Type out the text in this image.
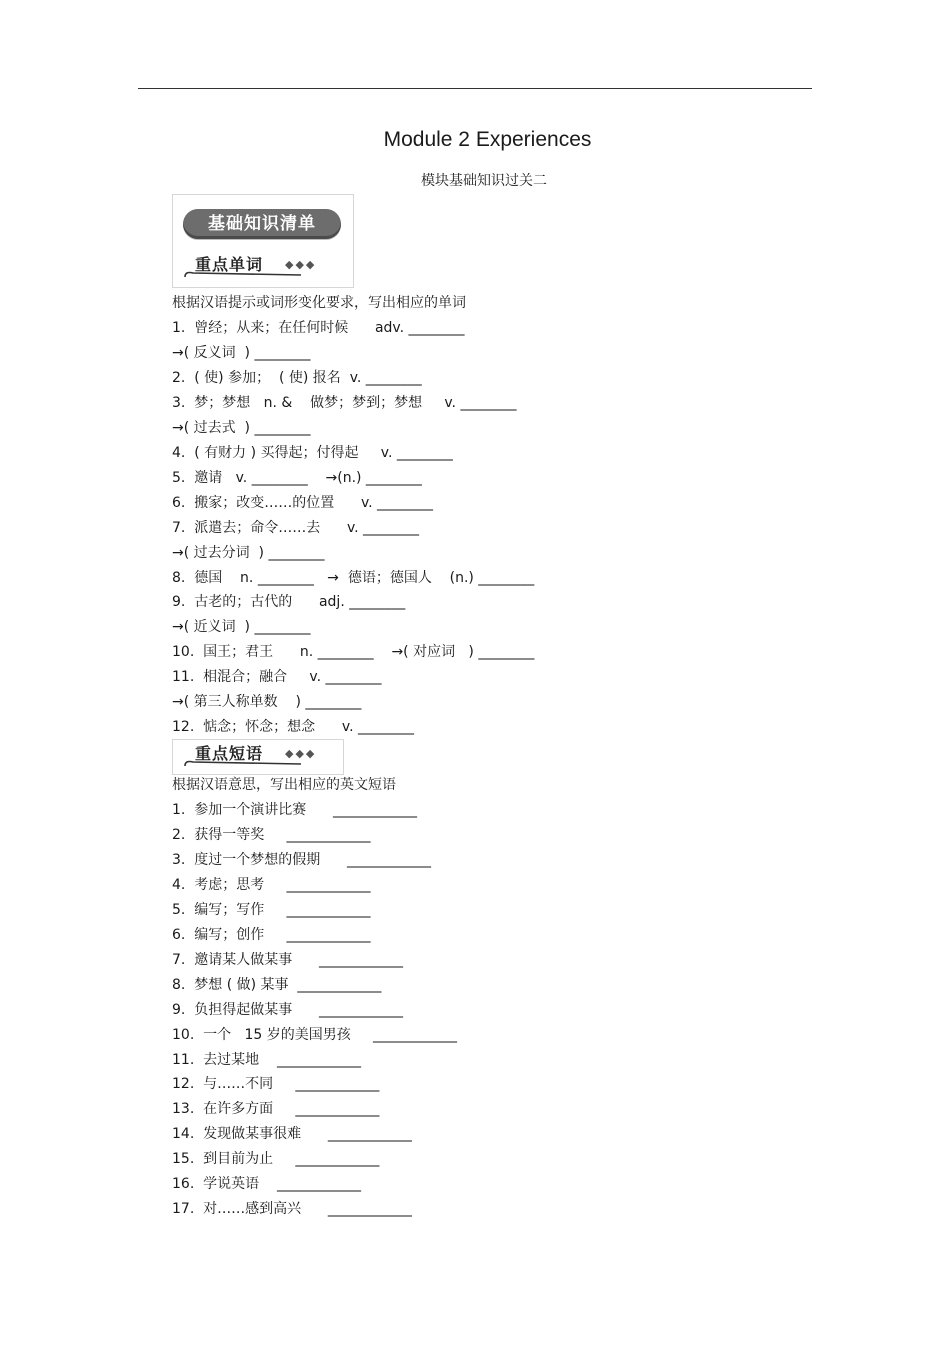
Module 2 Experiences
模块基础知识过关二
基础知识清单
重点单词 ◆◆◆
根据汉语提示或词形变化要求，写出相应的单词
1.  曾经；从来；在任何时候      adv. ________
→( 反义词  ) ________
2.  ( 使) 参加；  ( 使) 报名  v. ________
3.  梦；梦想   n. &    做梦；梦到；梦想     v. ________
→( 过去式  ) ________
4.  ( 有财力 ) 买得起；付得起     v. ________
5.  邀请   v. ________    →(n.) ________
6.  搬家；改变……的位置      v. ________
7.  派遣去；命令……去      v. ________
→( 过去分词  ) ________
8.  德国    n. ________   →  德语；德国人    (n.) ________
9.  古老的；古代的      adj. ________
→( 近义词  ) ________
10.  国王；君王      n. ________    →( 对应词   ) ________
11.  相混合；融合     v. ________
→( 第三人称单数    ) ________
12.  惦念；怀念；想念      v. ________
重点短语 ◆◆◆
根据汉语意思，写出相应的英文短语
1.  参加一个演讲比赛      ____________
2.  获得一等奖     ____________
3.  度过一个梦想的假期      ____________
4.  考虑；思考     ____________
5.  编写；写作     ____________
6.  编写；创作     ____________
7.  邀请某人做某事      ____________
8.  梦想 ( 做) 某事  ____________
9.  负担得起做某事      ____________
10.  一个   15 岁的美国男孩     ____________
11.  去过某地    ____________
12.  与……不同     ____________
13.  在许多方面     ____________
14.  发现做某事很难      ____________
15.  到目前为止     ____________
16.  学说英语    ____________
17.  对……感到高兴      ____________
